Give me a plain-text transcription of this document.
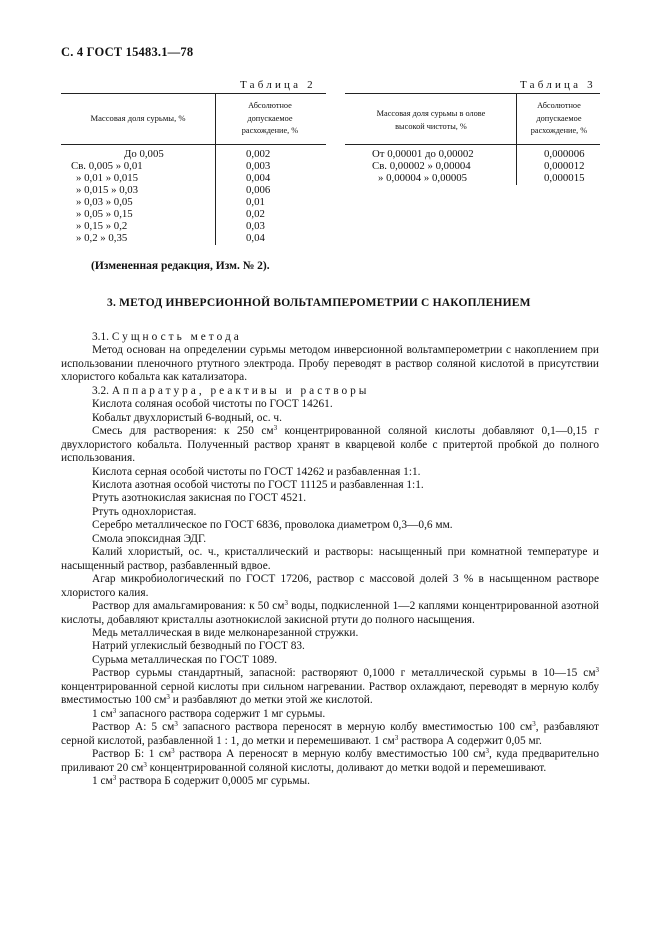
С. 4 ГОСТ 15483.1—78
Таблица 2
Массовая доля сурьмы, %
Абсолютное
допускаемое
расхождение, %
До 0,005	0,002
Св. 0,005 » 0,01	0,003
» 0,01 » 0,015	0,004
» 0,015 » 0,03	0,006
» 0,03 » 0,05	0,01
» 0,05 » 0,15	0,02
» 0,15 » 0,2	0,03
» 0,2 » 0,35	0,04
Таблица 3
Массовая доля сурьмы в олове
высокой чистоты, %
Абсолютное
допускаемое
расхождение, %
От 0,00001 до 0,00002	0,000006
Св. 0,00002 » 0,00004	0,000012
» 0,00004 » 0,00005	0,000015
(Измененная редакция, Изм. № 2).
3. МЕТОД ИНВЕРСИОННОЙ ВОЛЬТАМПЕРОМЕТРИИ С НАКОПЛЕНИЕМ

3.1. Сущность метода

Метод основан на определении сурьмы методом инверсионной вольтамперометрии с накоплением при использовании пленочного ртутного электрода. Пробу переводят в раствор соляной кислотой в присутствии хлористого кобальта как катализатора.

3.2. Аппаратура, реактивы и растворы

Кислота соляная особой чистоты по ГОСТ 14261.

Кобальт двухлористый 6-водный, ос. ч.

Смесь для растворения: к 250 $см^3$ концентрированной соляной кислоты добавляют 0,1—0,15 г двухлористого кобальта. Полученный раствор хранят в кварцевой колбе с притертой пробкой до полного использования.

Кислота серная особой чистоты по ГОСТ 14262 и разбавленная 1:1.

Кислота азотная особой чистоты по ГОСТ 11125 и разбавленная 1:1.

Ртуть азотнокислая закисная по ГОСТ 4521.

Ртуть однохлористая.

Серебро металлическое по ГОСТ 6836, проволока диаметром 0,3—0,6 мм.

Смола эпоксидная ЭДГ.

Калий хлористый, ос. ч., кристаллический и растворы: насыщенный при комнатной температуре и насыщенный раствор, разбавленный вдвое.

Агар микробиологический по ГОСТ 17206, раствор с массовой долей 3 % в насыщенном растворе хлористого калия.

Раствор для амальгамирования: к 50 $см^3$ воды, подкисленной 1—2 каплями концентрированной азотной кислоты, добавляют кристаллы азотнокислой закисной ртути до полного насыщения.

Медь металлическая в виде мелконарезанной стружки.

Натрий углекислый безводный по ГОСТ 83.

Сурьма металлическая по ГОСТ 1089.

Раствор сурьмы стандартный, запасной: растворяют 0,1000 г металлической сурьмы в 10—15 $см^3$ концентрированной серной кислоты при сильном нагревании. Раствор охлаждают, переводят в мерную колбу вместимостью 100 $см^3$ и разбавляют до метки этой же кислотой.

1 $см^3$ запасного раствора содержит 1 мг сурьмы.

Раствор А: 5 $см^3$ запасного раствора переносят в мерную колбу вместимостью 100 $см^3$, разбавляют серной кислотой, разбавленной 1 : 1, до метки и перемешивают. 1 $см^3$ раствора А содержит 0,05 мг.

Раствор Б: 1 $см^3$ раствора А переносят в мерную колбу вместимостью 100 $см^3$, куда предварительно приливают 20 $см^3$ концентрированной соляной кислоты, доливают до метки водой и перемешивают.

1 $см^3$ раствора Б содержит 0,0005 мг сурьмы.
